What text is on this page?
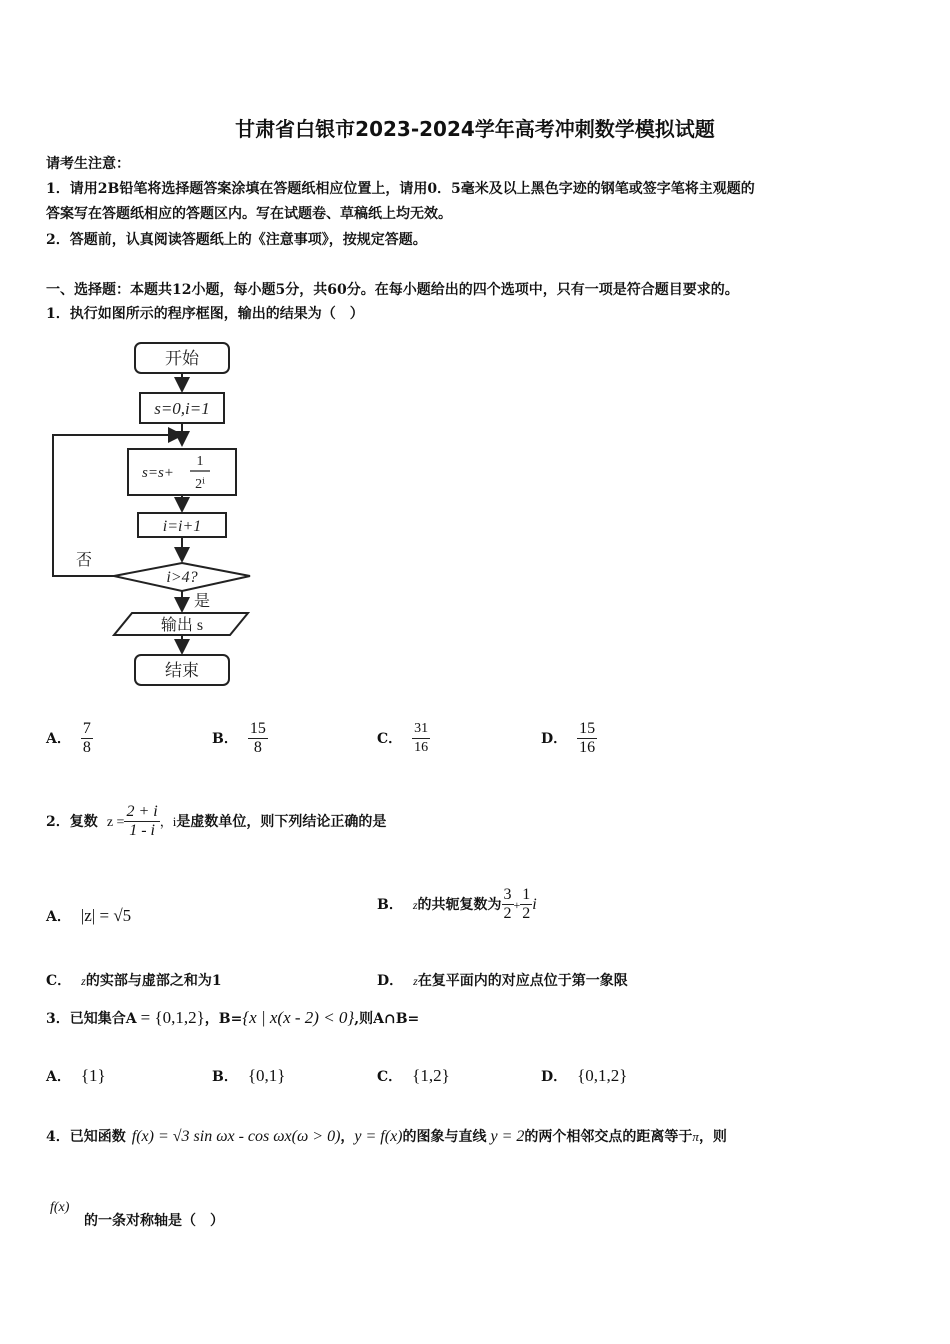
甘肃省白银市2023-2024学年高考冲刺数学模拟试题
请考生注意：
1．请用2B铅笔将选择题答案涂填在答题纸相应位置上，请用0．5毫米及以上黑色字迹的钢笔或签字笔将主观题的
答案写在答题纸相应的答题区内。写在试题卷、草稿纸上均无效。
2．答题前，认真阅读答题纸上的《注意事项》，按规定答题。
一、选择题：本题共12小题，每小题5分，共60分。在每小题给出的四个选项中，只有一项是符合题目要求的。
1．执行如图所示的程序框图，输出的结果为（　）
开始
s=0,i=1
s=s+
1
2ⁱ
i=i+1
i>4?
否
是
输出 s
结束
A． $\frac{7}{8}$	B． $\frac{15}{8}$	C． $\frac{31}{16}$	D． $\frac{15}{16}$
2．复数 $z = \frac{2 + i}{1 - i}$ ，i是虚数单位，则下列结论正确的是
A． |z| = √5
B． z的共轭复数为 $\frac{3}{2} + \frac{1}{2}$ i
C． z的实部与虚部之和为1	D． z在复平面内的对应点位于第一象限
3．已知集合A = {0,1,2}，B={x | x(x - 2) < 0},则A∩B=
A． {1}	B． {0,1}	C． {1,2}	D． {0,1,2}
4．已知函数 f(x) = √3 sin ωx - cos ωx(ω > 0)，y = f(x)的图象与直线 y = 2的两个相邻交点的距离等于π，则
f(x)
的一条对称轴是（　）
